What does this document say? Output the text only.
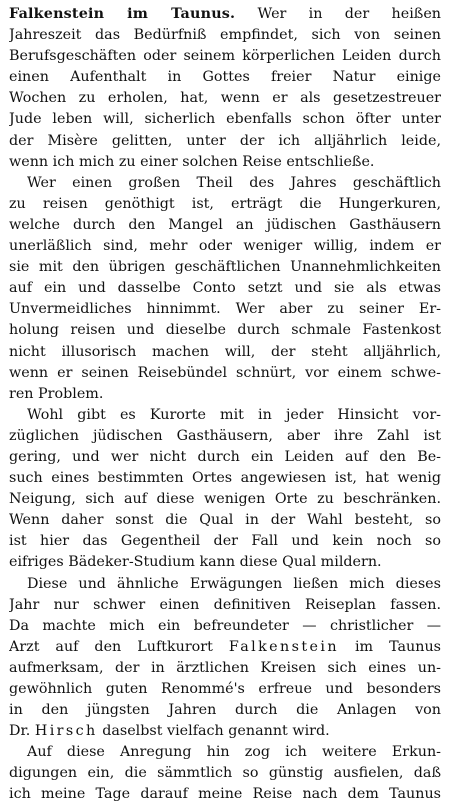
Falkenstein im Taunus. Wer in der heißen
Jahreszeit das Bedürfniß empfindet, sich von seinen
Berufsgeschäften oder seinem körperlichen Leiden durch
einen Aufenthalt in Gottes freier Natur einige
Wochen zu erholen, hat, wenn er als gesetzestreuer
Jude leben will, sicherlich ebenfalls schon öfter unter
der Misère gelitten, unter der ich alljährlich leide,
wenn ich mich zu einer solchen Reise entschließe.
Wer einen großen Theil des Jahres geschäftlich
zu reisen genöthigt ist, erträgt die Hungerkuren,
welche durch den Mangel an jüdischen Gasthäusern
unerläßlich sind, mehr oder weniger willig, indem er
sie mit den übrigen geschäftlichen Unannehmlichkeiten
auf ein und dasselbe Conto setzt und sie als etwas
Unvermeidliches hinnimmt. Wer aber zu seiner Er-
holung reisen und dieselbe durch schmale Fastenkost
nicht illusorisch machen will, der steht alljährlich,
wenn er seinen Reisebündel schnürt, vor einem schwe-
ren Problem.
Wohl gibt es Kurorte mit in jeder Hinsicht vor-
züglichen jüdischen Gasthäusern, aber ihre Zahl ist
gering, und wer nicht durch ein Leiden auf den Be-
such eines bestimmten Ortes angewiesen ist, hat wenig
Neigung, sich auf diese wenigen Orte zu beschränken.
Wenn daher sonst die Qual in der Wahl besteht, so
ist hier das Gegentheil der Fall und kein noch so
eifriges Bädeker-Studium kann diese Qual mildern.
Diese und ähnliche Erwägungen ließen mich dieses
Jahr nur schwer einen definitiven Reiseplan fassen.
Da machte mich ein befreundeter — christlicher —
Arzt auf den Luftkurort Falkenstein im Taunus
aufmerksam, der in ärztlichen Kreisen sich eines un-
gewöhnlich guten Renommé's erfreue und besonders
in den jüngsten Jahren durch die Anlagen von
Dr. Hirsch daselbst vielfach genannt wird.
Auf diese Anregung hin zog ich weitere Erkun-
digungen ein, die sämmtlich so günstig ausfielen, daß
ich meine Tage darauf meine Reise nach dem Taunus
